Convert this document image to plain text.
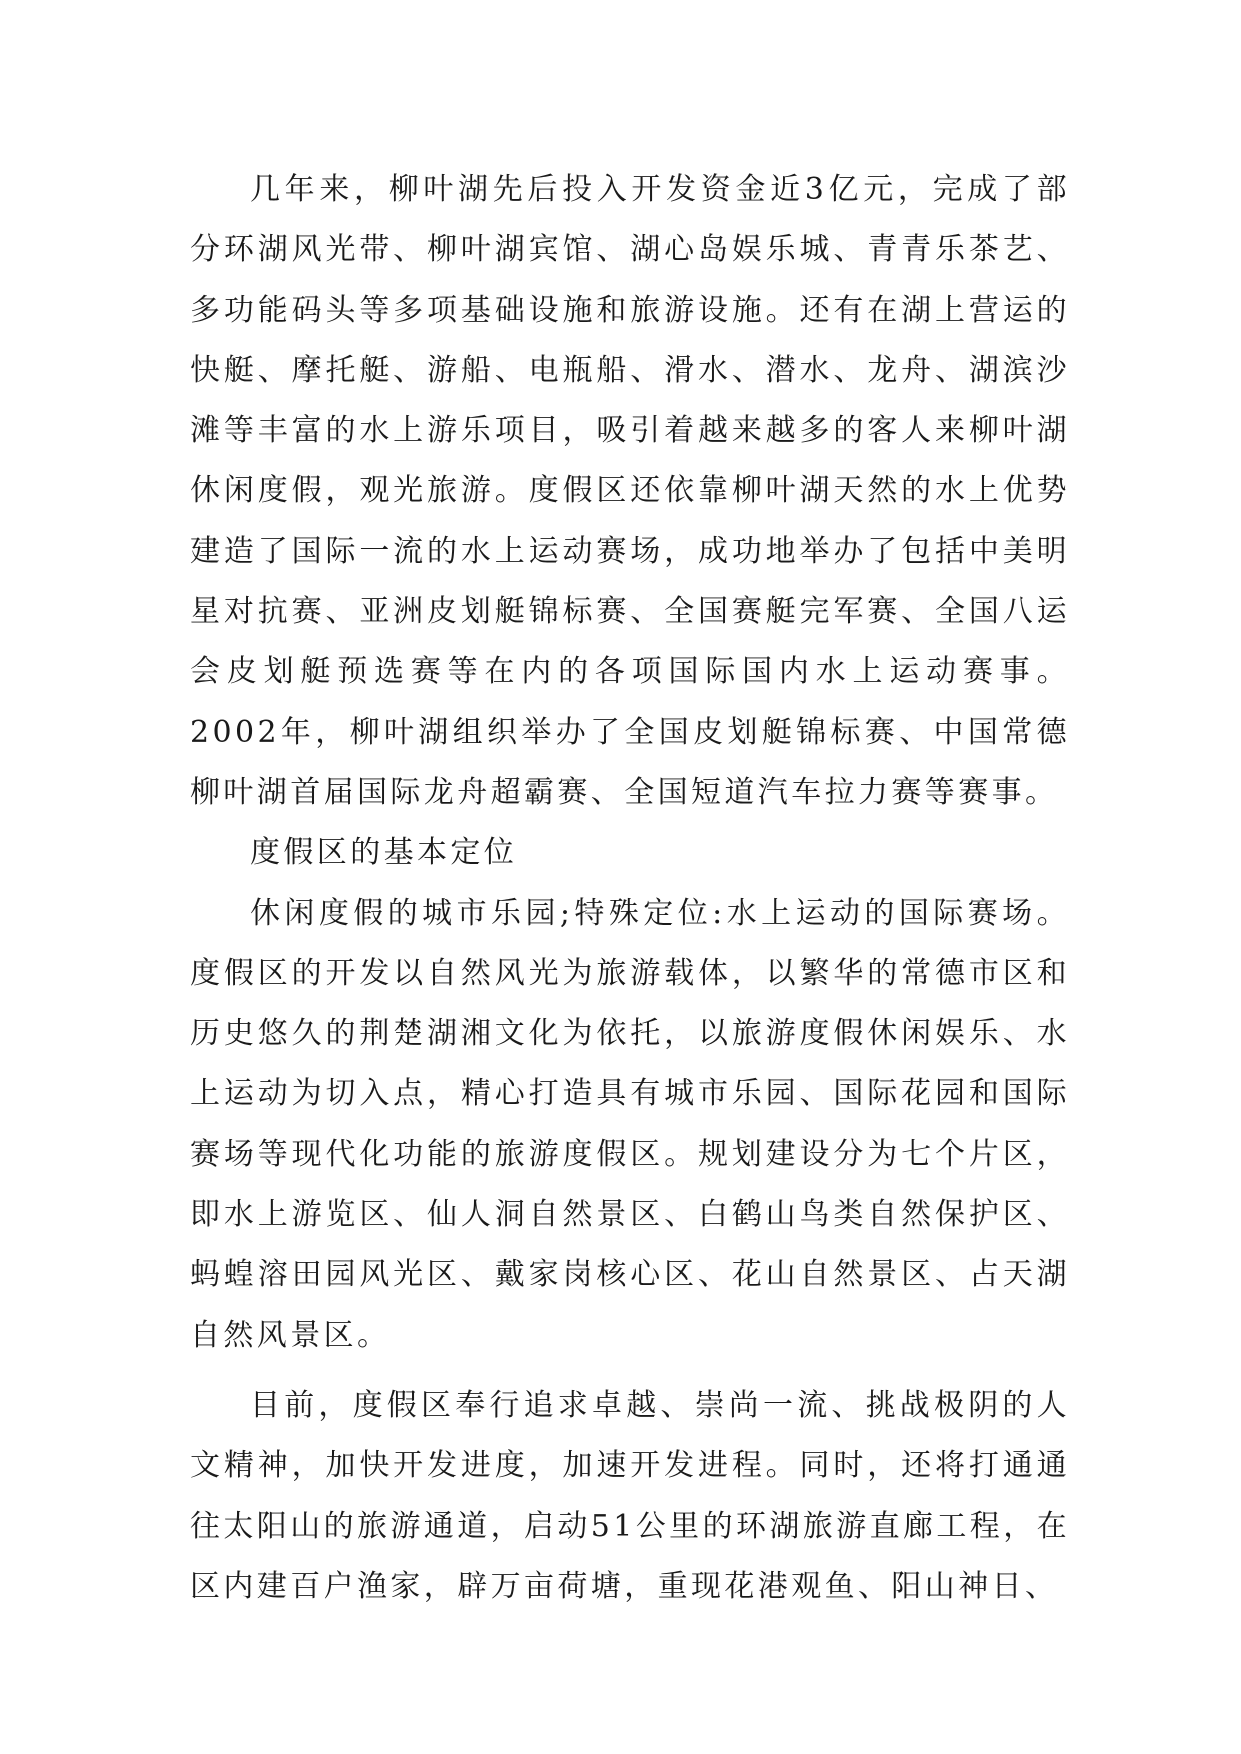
几年来，柳叶湖先后投入开发资金近3亿元，完成了部分环湖风光带、柳叶湖宾馆、湖心岛娱乐城、青青乐茶艺、多功能码头等多项基础设施和旅游设施。还有在湖上营运的快艇、摩托艇、游船、电瓶船、滑水、潜水、龙舟、湖滨沙滩等丰富的水上游乐项目，吸引着越来越多的客人来柳叶湖休闲度假，观光旅游。度假区还依靠柳叶湖天然的水上优势建造了国际一流的水上运动赛场，成功地举办了包括中美明星对抗赛、亚洲皮划艇锦标赛、全国赛艇完军赛、全国八运会皮划艇预选赛等在内的各项国际国内水上运动赛事。2002年，柳叶湖组织举办了全国皮划艇锦标赛、中国常德柳叶湖首届国际龙舟超霸赛、全国短道汽车拉力赛等赛事。

度假区的基本定位

休闲度假的城市乐园;特殊定位:水上运动的国际赛场。度假区的开发以自然风光为旅游载体，以繁华的常德市区和历史悠久的荆楚湖湘文化为依托，以旅游度假休闲娱乐、水上运动为切入点，精心打造具有城市乐园、国际花园和国际赛场等现代化功能的旅游度假区。规划建设分为七个片区，即水上游览区、仙人洞自然景区、白鹤山鸟类自然保护区、蚂蝗溶田园风光区、戴家岗核心区、花山自然景区、占天湖自然风景区。

目前，度假区奉行追求卓越、崇尚一流、挑战极阴的人文精神，加快开发进度，加速开发进程。同时，还将打通通往太阳山的旅游通道，启动51公里的环湖旅游直廊工程，在区内建百户渔家，辟万亩荷塘，重现花港观鱼、阳山神日、
